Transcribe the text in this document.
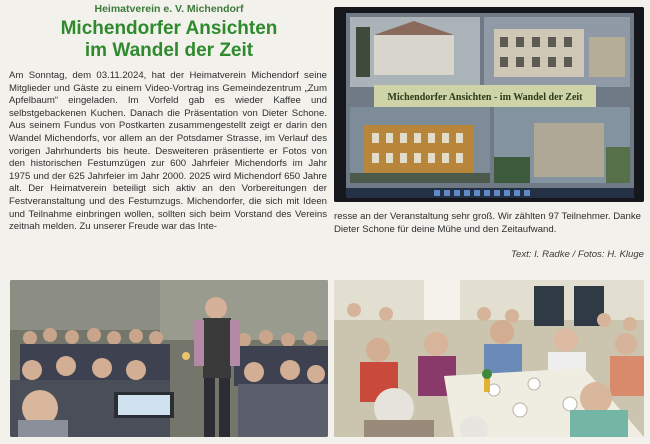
Heimatverein e. V. Michendorf
Michendorfer Ansichten
im Wandel der Zeit

Am Sonntag, dem 03.11.2024, hat der Heimatverein Michendorf seine Mitglieder und Gäste zu einem Video-Vortrag ins Gemeindezentrum „Zum Apfelbaum“ eingeladen. Im Vorfeld gab es wieder Kaffee und selbstgebackenen Kuchen. Danach die Präsentation von Dieter Schone. Aus seinem Fundus von Postkarten zusammengestellt zeigt er darin den Wandel Michendorfs, vor allem an der Potsdamer Strasse, im Verlauf des vorigen Jahrhunderts bis heute. Desweiteren präsentierte er Fotos von den historischen Festumzügen zur 600 Jahrfeier Michendorfs im Jahr 1975 und der 625 Jahrfeier im Jahr 2000. 2025 wird Michendorf 650 Jahre alt. Der Heimatverein beteiligt sich aktiv an den Vorbereitungen der Festveranstaltung und des Festumzugs. Michendorfer, die sich mit Ideen und Teilnahme einbringen wollen, sollten sich beim Vorstand des Vereins zeitnah melden. Zu unserer Freude war das Inte-

resse an der Veranstaltung sehr groß. Wir zählten 97 Teilnehmer. Danke Dieter Schone für deine Mühe und den Zeitaufwand.

Text: I. Radke / Fotos: H. Kluge
Michendorfer Ansichten - im Wandel der Zeit
